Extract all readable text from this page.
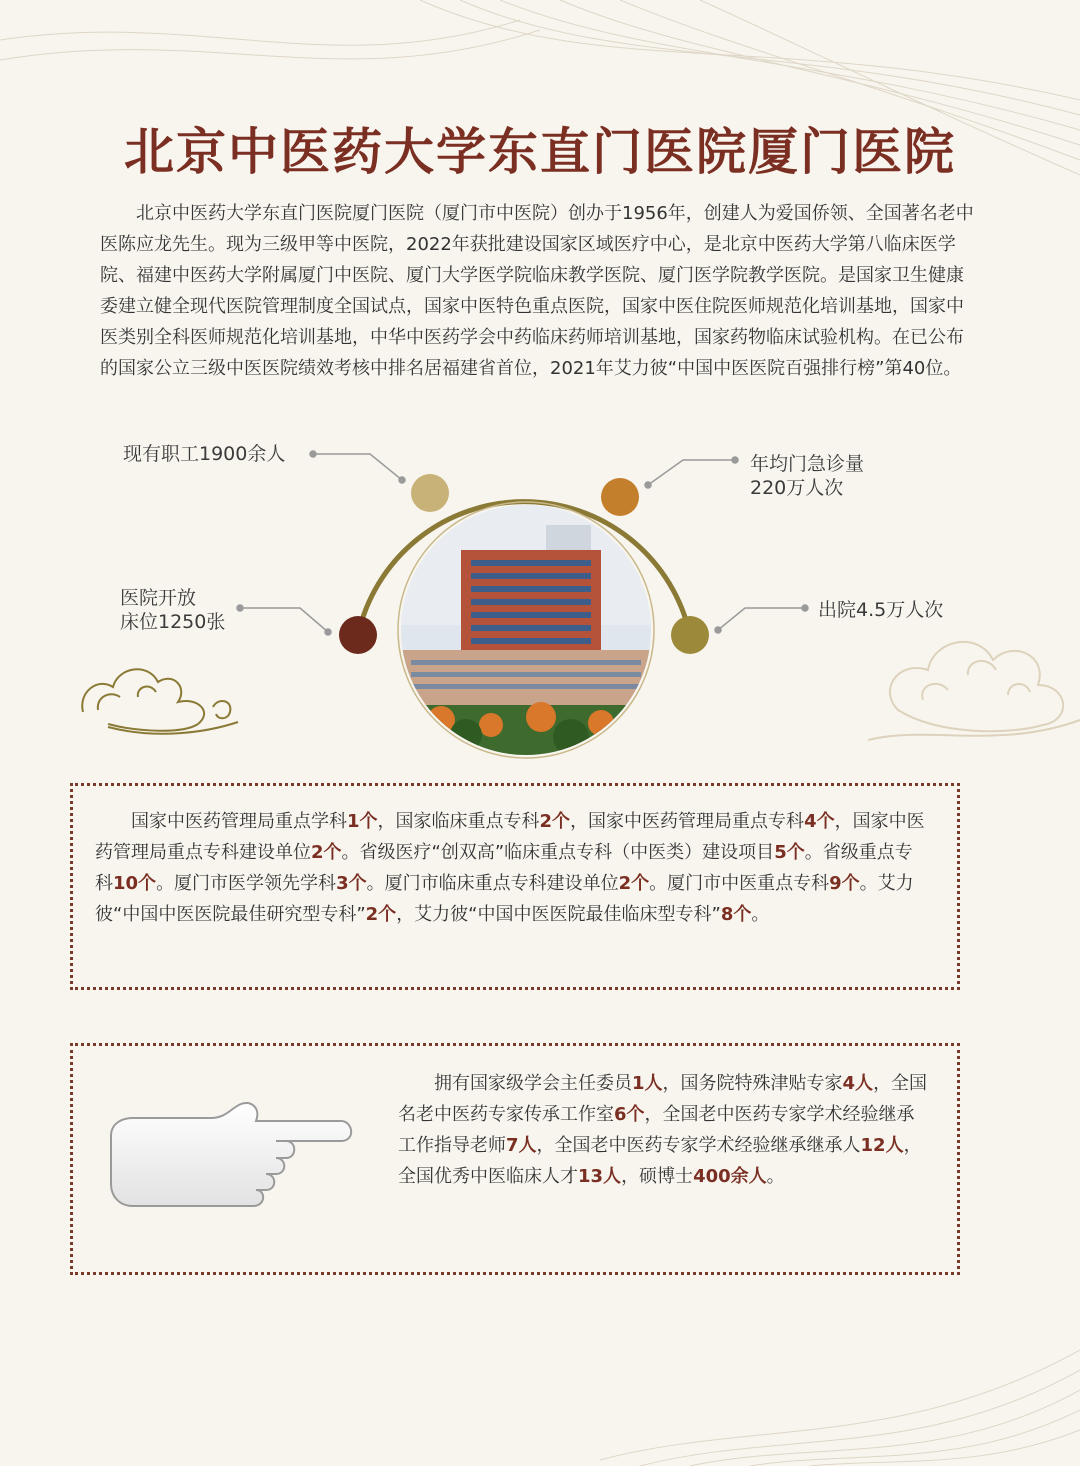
北京中医药大学东直门医院厦门医院

北京中医药大学东直门医院厦门医院（厦门市中医院）创办于1956年，创建人为爱国侨领、全国著名老中医陈应龙先生。现为三级甲等中医院，2022年获批建设国家区域医疗中心，是北京中医药大学第八临床医学院、福建中医药大学附属厦门中医院、厦门大学医学院临床教学医院、厦门医学院教学医院。是国家卫生健康委建立健全现代医院管理制度全国试点，国家中医特色重点医院，国家中医住院医师规范化培训基地，国家中医类别全科医师规范化培训基地，中华中医药学会中药临床药师培训基地，国家药物临床试验机构。在已公布的国家公立三级中医医院绩效考核中排名居福建省首位，2021年艾力彼“中国中医医院百强排行榜”第40位。

现有职工1900余人	年均门急诊量
220万人次
医院开放
床位1250张
出院4.5万人次

国家中医药管理局重点学科1个，国家临床重点专科2个，国家中医药管理局重点专科4个，国家中医药管理局重点专科建设单位2个。省级医疗“创双高”临床重点专科（中医类）建设项目5个。省级重点专科10个。厦门市医学领先学科3个。厦门市临床重点专科建设单位2个。厦门市中医重点专科9个。艾力彼“中国中医医院最佳研究型专科”2个，艾力彼“中国中医医院最佳临床型专科”8个。

拥有国家级学会主任委员1人，国务院特殊津贴专家4人，全国名老中医药专家传承工作室6个，全国老中医药专家学术经验继承工作指导老师7人，全国老中医药专家学术经验继承继承人12人，全国优秀中医临床人才13人，硕博士400余人。
